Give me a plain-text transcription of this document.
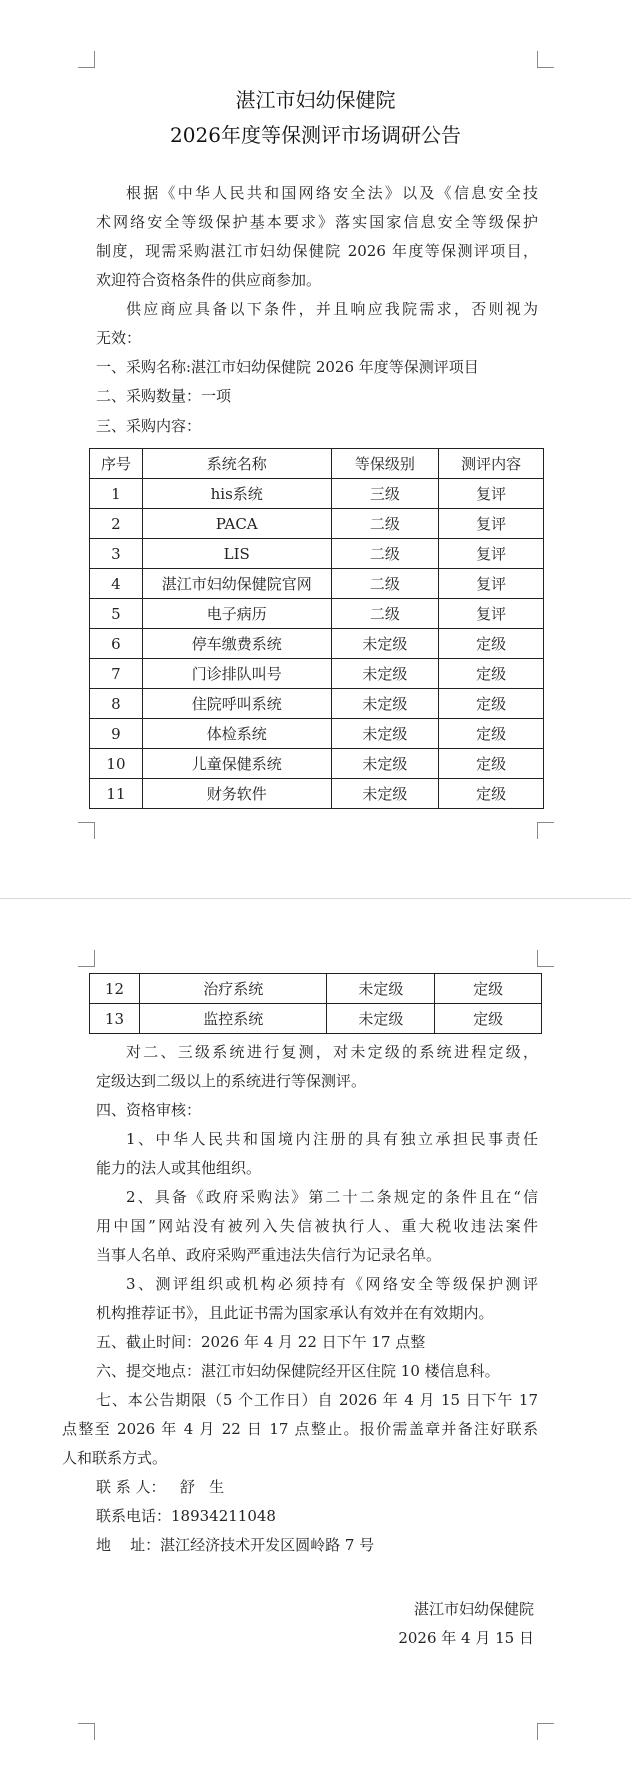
湛江市妇幼保健院
2026年度等保测评市场调研公告
根据《中华人民共和国网络安全法》以及《信息安全技
术网络安全等级保护基本要求》落实国家信息安全等级保护
制度，现需采购湛江市妇幼保健院 2026 年度等保测评项目，
欢迎符合资格条件的供应商参加。
供应商应具备以下条件，并且响应我院需求，否则视为
无效：
一、采购名称:湛江市妇幼保健院 2026 年度等保测评项目
二、采购数量：一项
三、采购内容：
序号	系统名称	等保级别	测评内容
1	his系统	三级	复评
2	PACA	二级	复评
3	LIS	二级	复评
4	湛江市妇幼保健院官网	二级	复评
5	电子病历	二级	复评
6	停车缴费系统	未定级	定级
7	门诊排队叫号	未定级	定级
8	住院呼叫系统	未定级	定级
9	体检系统	未定级	定级
10	儿童保健系统	未定级	定级
11	财务软件	未定级	定级
12	治疗系统	未定级	定级
13	监控系统	未定级	定级
对二、三级系统进行复测，对未定级的系统进程定级，
定级达到二级以上的系统进行等保测评。
四、资格审核：
1、中华人民共和国境内注册的具有独立承担民事责任
能力的法人或其他组织。
2、具备《政府采购法》第二十二条规定的条件且在“信
用中国”网站没有被列入失信被执行人、重大税收违法案件
当事人名单、政府采购严重违法失信行为记录名单。
3、测评组织或机构必须持有《网络安全等级保护测评
机构推荐证书》，且此证书需为国家承认有效并在有效期内。
五、截止时间：2026 年 4 月 22 日下午 17 点整
六、提交地点：湛江市妇幼保健院经开区住院 10 楼信息科。
七、本公告期限（5 个工作日）自 2026 年 4 月 15 日下午 17
点整至 2026 年 4 月 22 日 17 点整止。报价需盖章并备注好联系
人和联系方式。
联 系 人：   舒   生
联系电话：18934211048
地    址：湛江经济技术开发区圆岭路 7 号
湛江市妇幼保健院
2026 年 4 月 15 日
